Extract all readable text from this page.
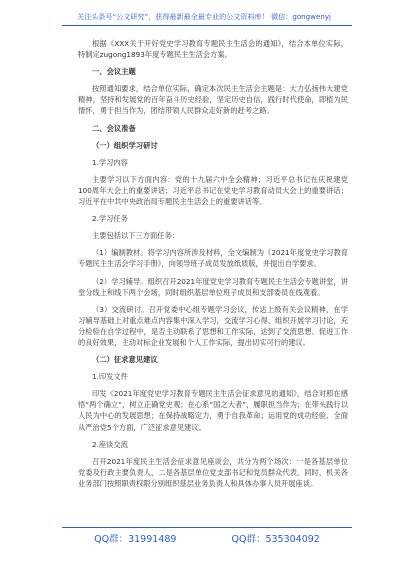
关注头条号“公文研究”，获得最新最全最专业的公文资料库！ 微信：gongwenyj

根据《XXX关于开好党史学习教育专题民主生活会的通知》，结合本单位实际，特制定zugong1893年度专题民主生活会方案。

一、会议主题

按照通知要求，结合单位实际，确定本次民主生活会主题是：大力弘扬伟大建党精神，坚持和发展党的百年奋斗历史经验，坚定历史自信，践行时代使命，即植为民情怀，勇于担当作为，团结带领人民群众走好新的赶考之路。

二、会议准备

（一）组织学习研讨

1.学习内容

主要学习以下方面内容：党的十九届六中全会精神；习近平总书记在庆祝建党100周年大会上的重要讲话；习近平总书记在党史学习教育动员大会上的重要讲话；习近平在中共中央政治局专题民主生活会上的重要讲话等。

2.学习任务

主要包括以下三方面任务：

（1）编制教材。将学习内容所涉及材料，全文编制为《2021年度党史学习教育专题民主生活会学习手册》，向领导班子成员发放纸质版，并提出自学要求。

（2）学习辅导。组织召开2021年度党史学习教育专题民主生活会专题讲堂，讲堂分线上和线下两个会场，同时组织基层单位班子成员和支部委员在线观看。

（3）交流研讨。召开党委中心组专题学习会议，传达上级有关会议精神，在学习辅导基础上对重点难点内容集中深入学习，交流学习心得。组织开展学习讨论，充分检验在自学过程中，是否主动联系了思想和工作实际，达到了交流思想、促进工作的良好效果，主动对标企业发展和个人工作实际，提出切实可行的建议。

（二）征求意见建议

1.印发文件

印发《2021年度党史学习教育专题民主生活会征求意见的通知》，结合对照在感悟“两个确立”，树立正确党史观；在心系“国之大者”，履职担当作为；在带头践行以人民为中心的发展思想；在保持战略定力，勇于自我革命；运用党的成功经验、全面从严治党5个方面，广泛征求意见建议。

2.座谈交流

召开2021年度民主生活会征求意见座谈会，共分为两个场次：一是各基层单位党委及行政主要负责人，二是各基层单位党支部书记和党员群众代表。同时，机关各业务部门按照职责权限分别组织基层业务负责人和具体办事人员开展座谈。

QQ群：31991489	QQ群：535304092
